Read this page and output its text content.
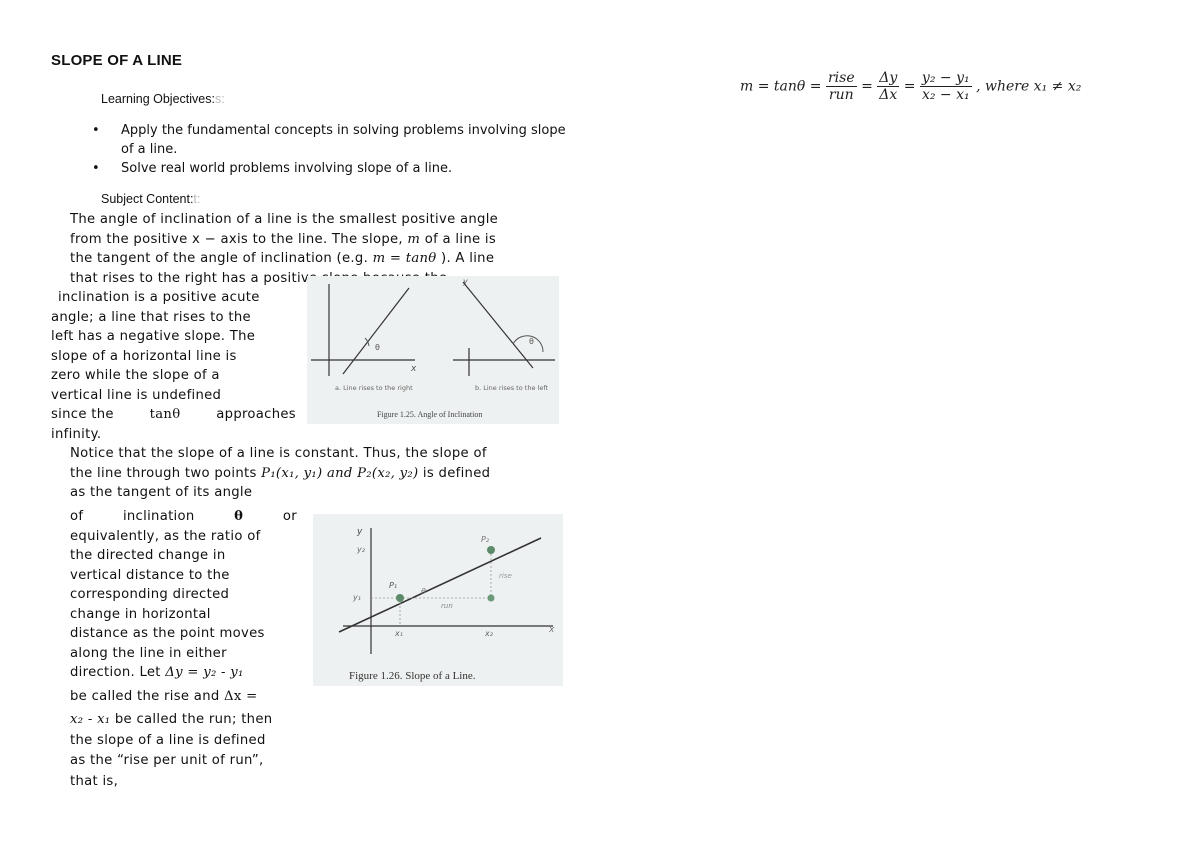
SLOPE OF A LINE
Learning Objectives:s:
• Apply the fundamental concepts in solving problems involving slope of a line.
• Solve real world problems involving slope of a line.
Subject Content:t:
The angle of inclination of a line is the smallest positive angle
from the positive x − axis to the line. The slope, m of a line is
the tangent of the angle of inclination (e.g. m = tanθ ). A line
that rises to the right has a positive slope because the
inclination is a positive acute
angle; a line that rises to the
left has a negative slope. The
slope of a horizontal line is
zero while the slope of a
vertical line is undefined
since the	tanθ	approaches
infinity.
θ
x
θ
y
a. Line rises to the right	b. Line rises to the left
Figure 1.25. Angle of Inclination
Notice that the slope of a line is constant. Thus, the slope of
the line through two points P₁(x₁, y₁) and P₂(x₂, y₂) is defined
as the tangent of its angle
of	inclination	θ	or
equivalently, as the ratio of
the directed change in
vertical distance to the
corresponding directed
change in horizontal
distance as the point moves
along the line in either
direction. Let Δy = y₂ - y₁
be called the rise and Δx =
x₂ - x₁ be called the run; then
the slope of a line is defined
as the “rise per unit of run”,
that is,
y
x
y₂
y₁
P₁
P₂
θ
run
rise
x₁	x₂
Figure 1.26. Slope of a Line.
$m = \tan\theta = \frac{\text{rise}}{\text{run}} = \frac{\Delta y}{\Delta x} = \frac{\text{y₂ − y₁}}{\text{x₂ − x₁}}$ , where x₁ ≠ x₂
